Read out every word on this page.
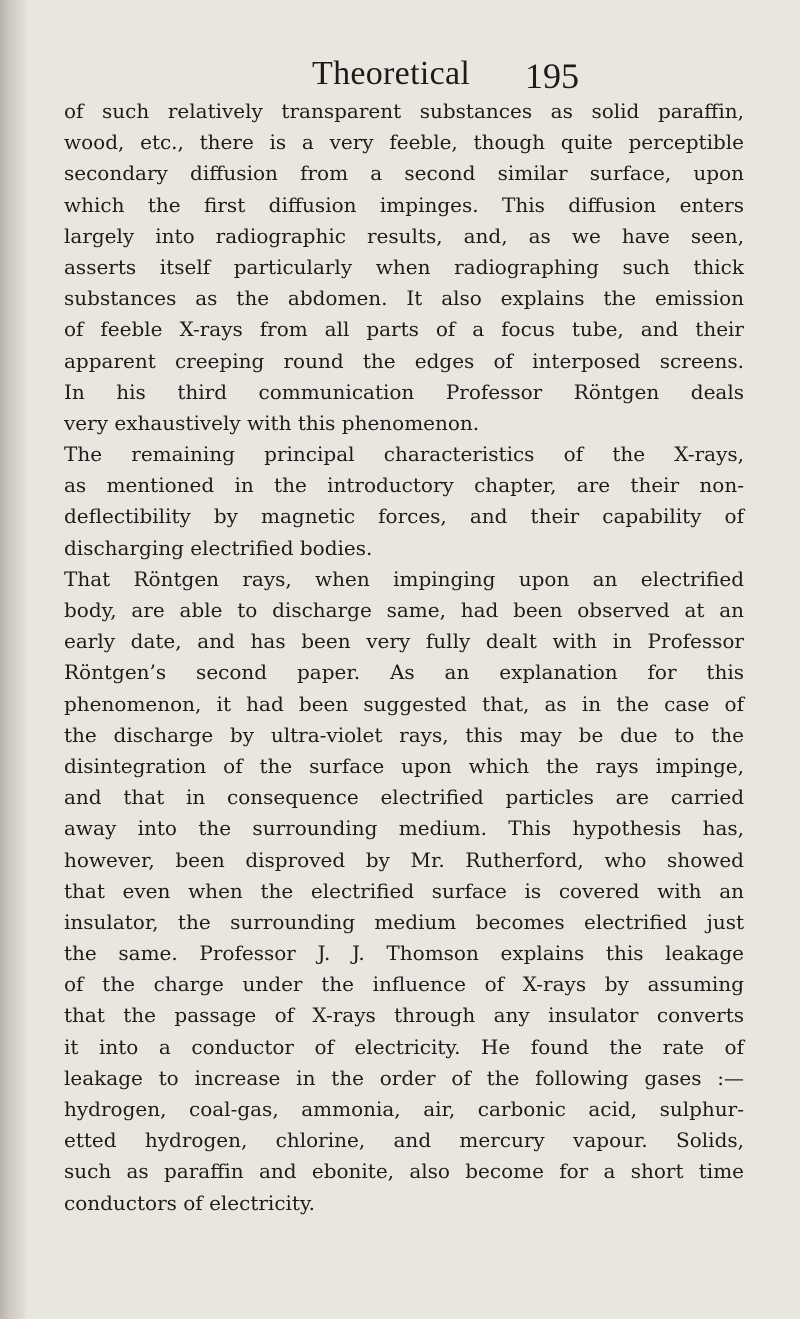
Theoretical 195
of such relatively transparent substances as solid paraffin,
wood, etc., there is a very feeble, though quite perceptible
secondary diffusion from a second similar surface, upon
which the first diffusion impinges. This diffusion enters
largely into radiographic results, and, as we have seen,
asserts itself particularly when radiographing such thick
substances as the abdomen. It also explains the emission
of feeble X-rays from all parts of a focus tube, and their
apparent creeping round the edges of interposed screens.
In his third communication Professor Röntgen deals
very exhaustively with this phenomenon.
The remaining principal characteristics of the X-rays,
as mentioned in the introductory chapter, are their non-
deflectibility by magnetic forces, and their capability of
discharging electrified bodies.
That Röntgen rays, when impinging upon an electrified
body, are able to discharge same, had been observed at an
early date, and has been very fully dealt with in Professor
Röntgen’s second paper. As an explanation for this
phenomenon, it had been suggested that, as in the case of
the discharge by ultra-violet rays, this may be due to the
disintegration of the surface upon which the rays impinge,
and that in consequence electrified particles are carried
away into the surrounding medium. This hypothesis has,
however, been disproved by Mr. Rutherford, who showed
that even when the electrified surface is covered with an
insulator, the surrounding medium becomes electrified just
the same. Professor J. J. Thomson explains this leakage
of the charge under the influence of X-rays by assuming
that the passage of X-rays through any insulator converts
it into a conductor of electricity. He found the rate of
leakage to increase in the order of the following gases :—
hydrogen, coal-gas, ammonia, air, carbonic acid, sulphur-
etted hydrogen, chlorine, and mercury vapour. Solids,
such as paraffin and ebonite, also become for a short time
conductors of electricity.
